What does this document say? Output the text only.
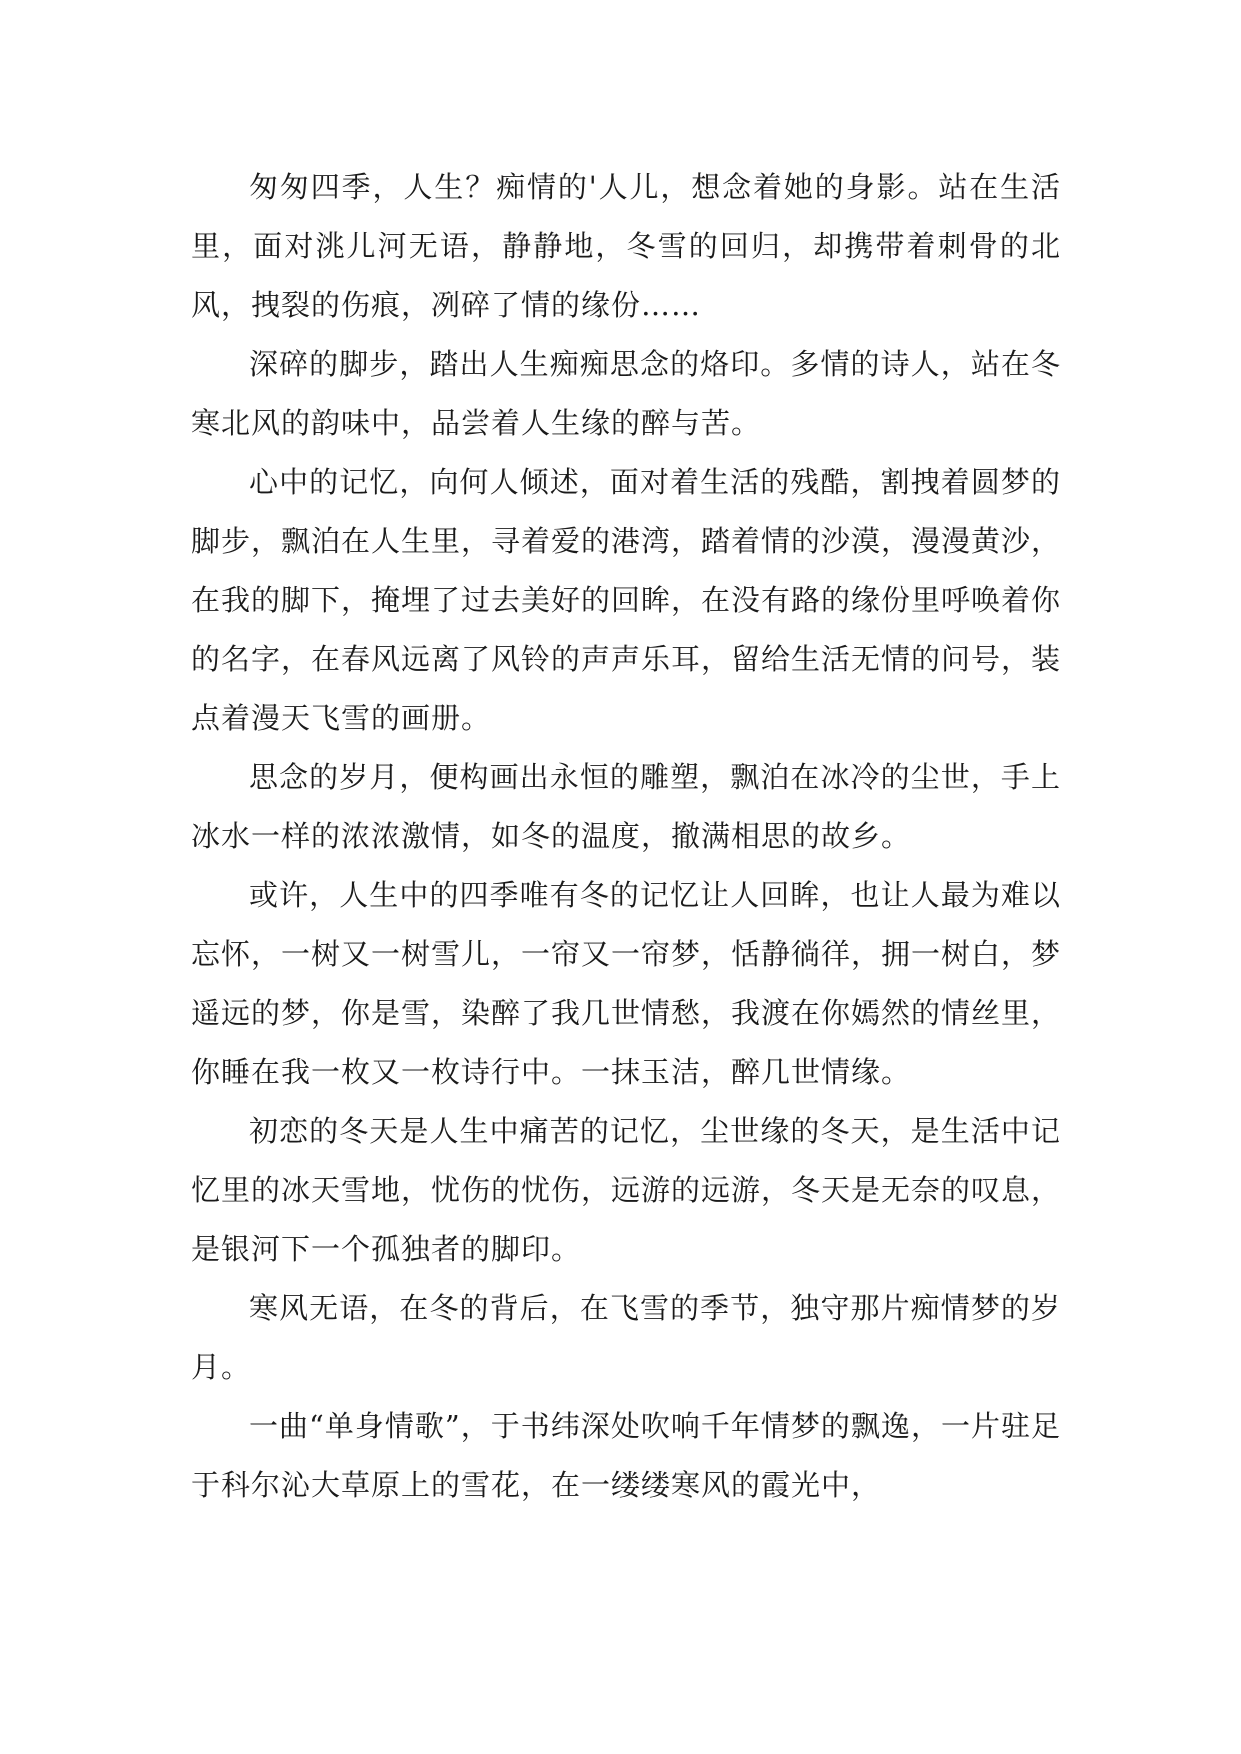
匆匆四季，人生？痴情的'人儿，想念着她的身影。站在生活里，面对洮儿河无语，静静地，冬雪的回归，却携带着刺骨的北风，拽裂的伤痕，冽碎了情的缘份……

深碎的脚步，踏出人生痴痴思念的烙印。多情的诗人，站在冬寒北风的韵味中，品尝着人生缘的醉与苦。

心中的记忆，向何人倾述，面对着生活的残酷，割拽着圆梦的脚步，飘泊在人生里，寻着爱的港湾，踏着情的沙漠，漫漫黄沙，在我的脚下，掩埋了过去美好的回眸，在没有路的缘份里呼唤着你的名字，在春风远离了风铃的声声乐耳，留给生活无情的问号，装点着漫天飞雪的画册。

思念的岁月，便构画出永恒的雕塑，飘泊在冰冷的尘世，手上冰水一样的浓浓激情，如冬的温度，撤满相思的故乡。

或许，人生中的四季唯有冬的记忆让人回眸，也让人最为难以忘怀，一树又一树雪儿，一帘又一帘梦，恬静徜徉，拥一树白，梦遥远的梦，你是雪，染醉了我几世情愁，我渡在你嫣然的情丝里，你睡在我一枚又一枚诗行中。一抹玉洁，醉几世情缘。

初恋的冬天是人生中痛苦的记忆，尘世缘的冬天，是生活中记忆里的冰天雪地，忧伤的忧伤，远游的远游，冬天是无奈的叹息，是银河下一个孤独者的脚印。

寒风无语，在冬的背后，在飞雪的季节，独守那片痴情梦的岁月。

一曲“单身情歌”，于书纬深处吹响千年情梦的飘逸，一片驻足于科尔沁大草原上的雪花，在一缕缕寒风的霞光中，
